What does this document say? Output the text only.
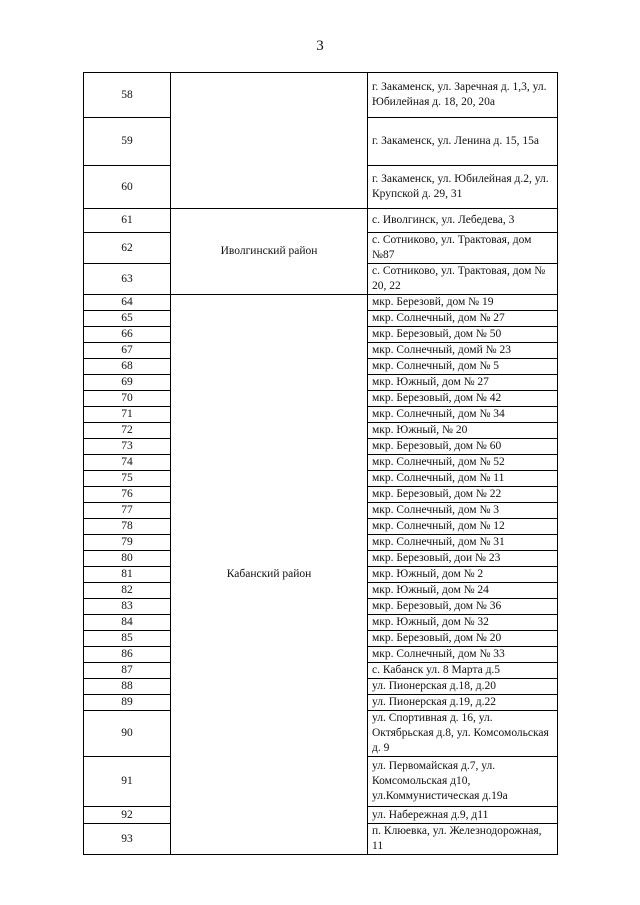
3
58		г. Закаменск, ул. Заречная д. 1,3, ул. Юбилейная д. 18, 20, 20а
59		г. Закаменск, ул. Ленина д. 15, 15а
60		г. Закаменск, ул. Юбилейная д.2, ул. Крупской д. 29, 31
61	Иволгинский район	с. Иволгинск, ул. Лебедева, 3
62		с. Сотниково, ул. Трактовая, дом №87
63		с. Сотниково, ул. Трактовая, дом № 20, 22
64	Кабанский район	мкр. Березовй, дом № 19
65		мкр. Солнечный, дом № 27
66		мкр. Березовый, дом № 50
67		мкр. Солнечный, домй № 23
68		мкр. Солнечный, дом № 5
69		мкр. Южный, дом № 27
70		мкр. Березовый, дом № 42
71		мкр. Солнечный, дом № 34
72		мкр. Южный, № 20
73		мкр. Березовый, дом № 60
74		мкр. Солнечный, дом № 52
75		мкр. Солнечный, дом № 11
76		мкр. Березовый, дом № 22
77		мкр. Солнечный, дом № 3
78		мкр. Солнечный, дом № 12
79		мкр. Солнечный, дом № 31
80		мкр. Березовый, дои № 23
81		мкр. Южный, дом № 2
82		мкр. Южный, дом № 24
83		мкр. Березовый, дом № 36
84		мкр. Южный, дом № 32
85		мкр. Березовый, дом № 20
86		мкр. Солнечный, дом № 33
87		с. Кабанск ул. 8 Марта д.5
88		ул. Пионерская д.18, д.20
89		ул. Пионерская д.19, д.22
90		ул. Спортивная д. 16, ул. Октябрьская д.8, ул. Комсомольская д. 9
91		ул. Первомайская д.7, ул. Комсомольская д10, ул.Коммунистическая д.19а
92		ул. Набережная д.9, д11
93		п. Клюевка, ул. Железнодорожная, 11
